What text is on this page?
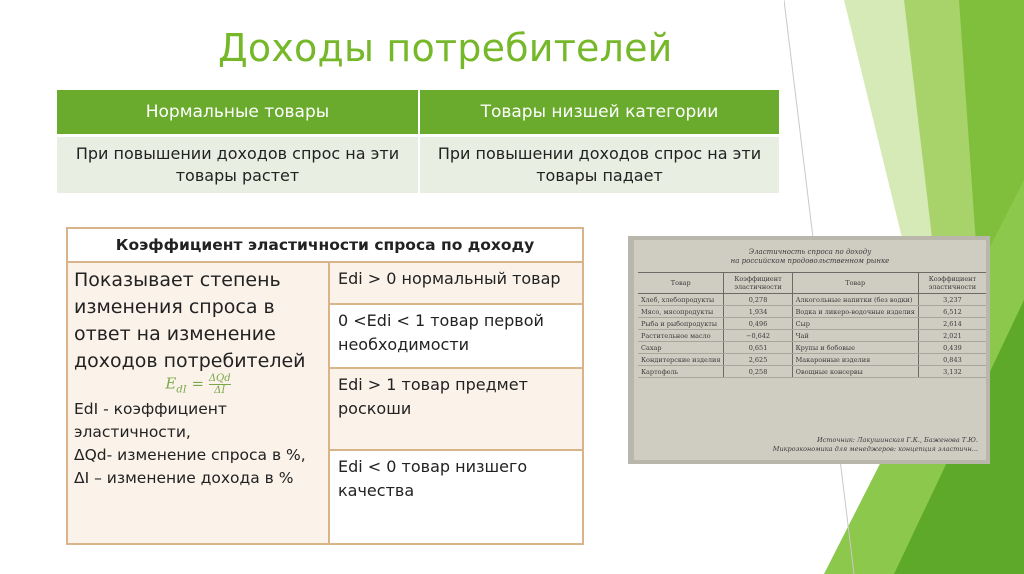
Доходы потребителей
Нормальные товары	Товары низшей категории
При повышении доходов спрос на эти товары растет	При повышении доходов спрос на эти товары падает
Коэффициент эластичности спроса по доходу
Показывает степень изменения спроса в ответ на изменение доходов потребителей
$E_{dI} = \frac{\text{ΔQd}}{\Delta I}$
EdI - коэффициент эластичности,
ΔQd- изменение спроса в %,
ΔI – изменение дохода в %
Edi > 0 нормальный товар
0 <Edi < 1 товар первой необходимости
Edi > 1 товар предмет роскоши
Edi < 0 товар низшего качества
Эластичность спроса по доходу
на российском продовольственном рынке
Товар	Коэффициент эластичности	Товар	Коэффициент эластичности
Хлеб, хлебопродукты	0,278	Алкогольные напитки (без водки)	3,237
Мясо, мясопродукты	1,934	Водка и ликеро-водочные изделия	6,512
Рыба и рыбопродукты	0,496	Сыр	2,614
Растительное масло	−0,642	Чай	2,021
Сахар	0,651	Крупы и бобовые	0,439
Кондитерские изделия	2,625	Макаронные изделия	0,843
Картофель	0,258	Овощные консервы	3,132
Источник: Лакушинская Г.К., Баженова Т.Ю.
Микроэкономика для менеджеров: концепция эластичн...
